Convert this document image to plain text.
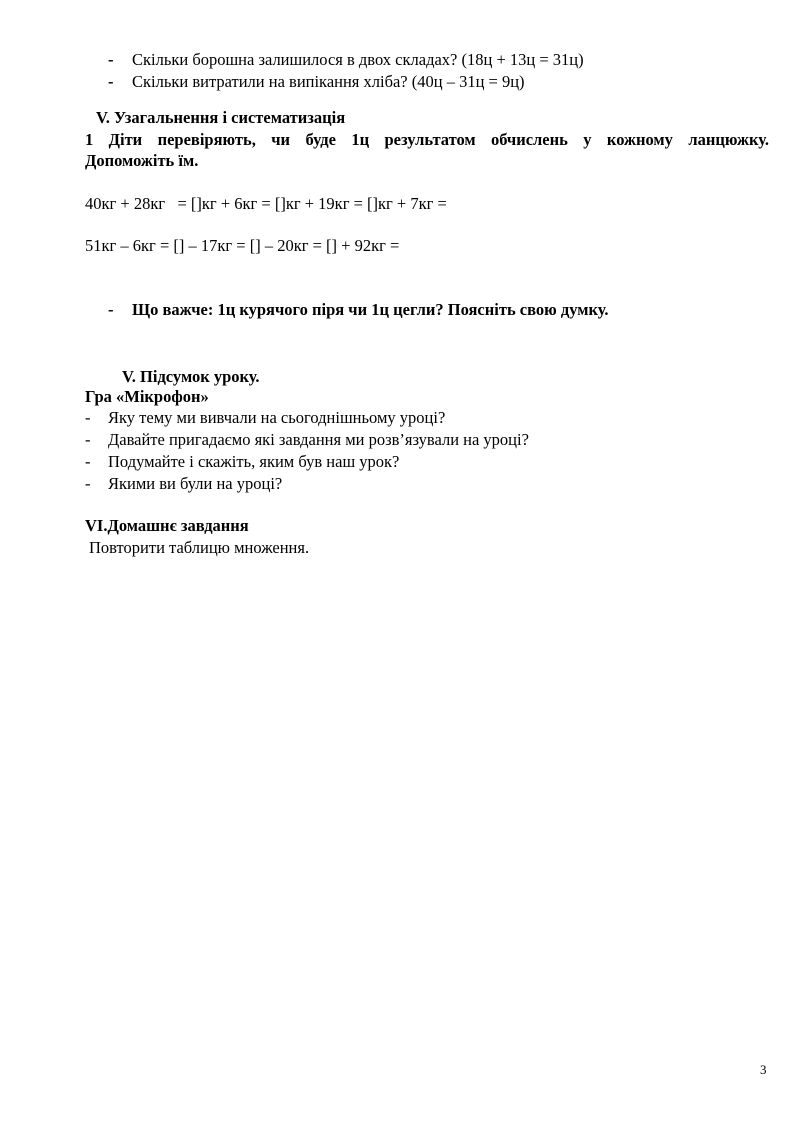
- Скільки борошна залишилося в двох складах? (18ц + 13ц = 31ц)
- Скільки витратили на випікання хліба? (40ц – 31ц = 9ц)
V. Узагальнення і систематизація
1 Діти перевіряють, чи буде 1ц результатом обчислень у кожному ланцюжку.
Допоможіть їм.
40кг + 28кг   = []кг + 6кг = []кг + 19кг = []кг + 7кг =
51кг – 6кг = [] – 17кг = [] – 20кг = [] + 92кг =
- Що важче: 1ц курячого піря чи 1ц цегли? Поясніть свою думку.
V. Підсумок уроку.
Гра «Мікрофон»
- Яку тему ми вивчали на сьогоднішньому уроці?
- Давайте пригадаємо які завдання ми розв’язували на уроці?
- Подумайте і скажіть, яким був наш урок?
- Якими ви були на уроці?
VI.Домашнє завдання
Повторити таблицю множення.
3
